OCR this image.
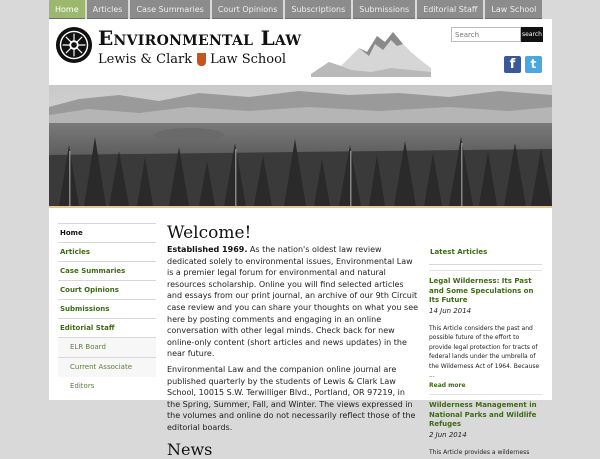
Home	Articles	Case Summaries	Court Opinions	Subscriptions	Submissions	Editorial Staff	Law School
Environmental Law
Lewis & Clark Law School
Search
search
f	t
Home
Articles
Case Summaries
Court Opinions
Submissions
Editorial Staff
ELR Board
Current Associate Editors
Welcome!

Established 1969. As the nation's oldest law review dedicated solely to environmental issues, Environmental Law is a premier legal forum for environmental and natural resources scholarship. Online you will find selected articles and essays from our print journal, an archive of our 9th Circuit case review and you can share your thoughts on what you see here by posting comments and engaging in an online conversation with other legal minds. Check back for new online-only content (short articles and news updates) in the near future.

Environmental Law and the companion online journal are published quarterly by the students of Lewis & Clark Law School, 10015 S.W. Terwilliger Blvd., Portland, OR 97219, in the Spring, Summer, Fall, and Winter. The views expressed in the volumes and online do not necessarily reflect those of the editorial boards.

News
Latest Articles
Legal Wilderness: Its Past and Some Speculations on Its Future
14 Jun 2014
This Article considers the past and possible future of the effort to provide legal protection for tracts of federal lands under the umbrella of the Wilderness Act of 1964. Because ...
Read more
Wilderness Management in National Parks and Wildlife Refuges
2 Jun 2014
This Article provides a wilderness
